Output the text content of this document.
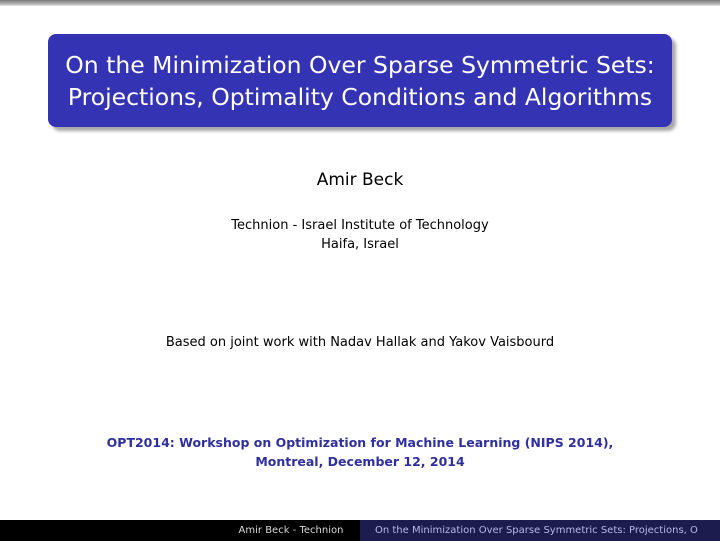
On the Minimization Over Sparse Symmetric Sets:
Projections, Optimality Conditions and Algorithms
Amir Beck
Technion - Israel Institute of Technology
Haifa, Israel
Based on joint work with Nadav Hallak and Yakov Vaisbourd
OPT2014: Workshop on Optimization for Machine Learning (NIPS 2014),
Montreal, December 12, 2014
Amir Beck - Technion	On the Minimization Over Sparse Symmetric Sets: Projections, O
